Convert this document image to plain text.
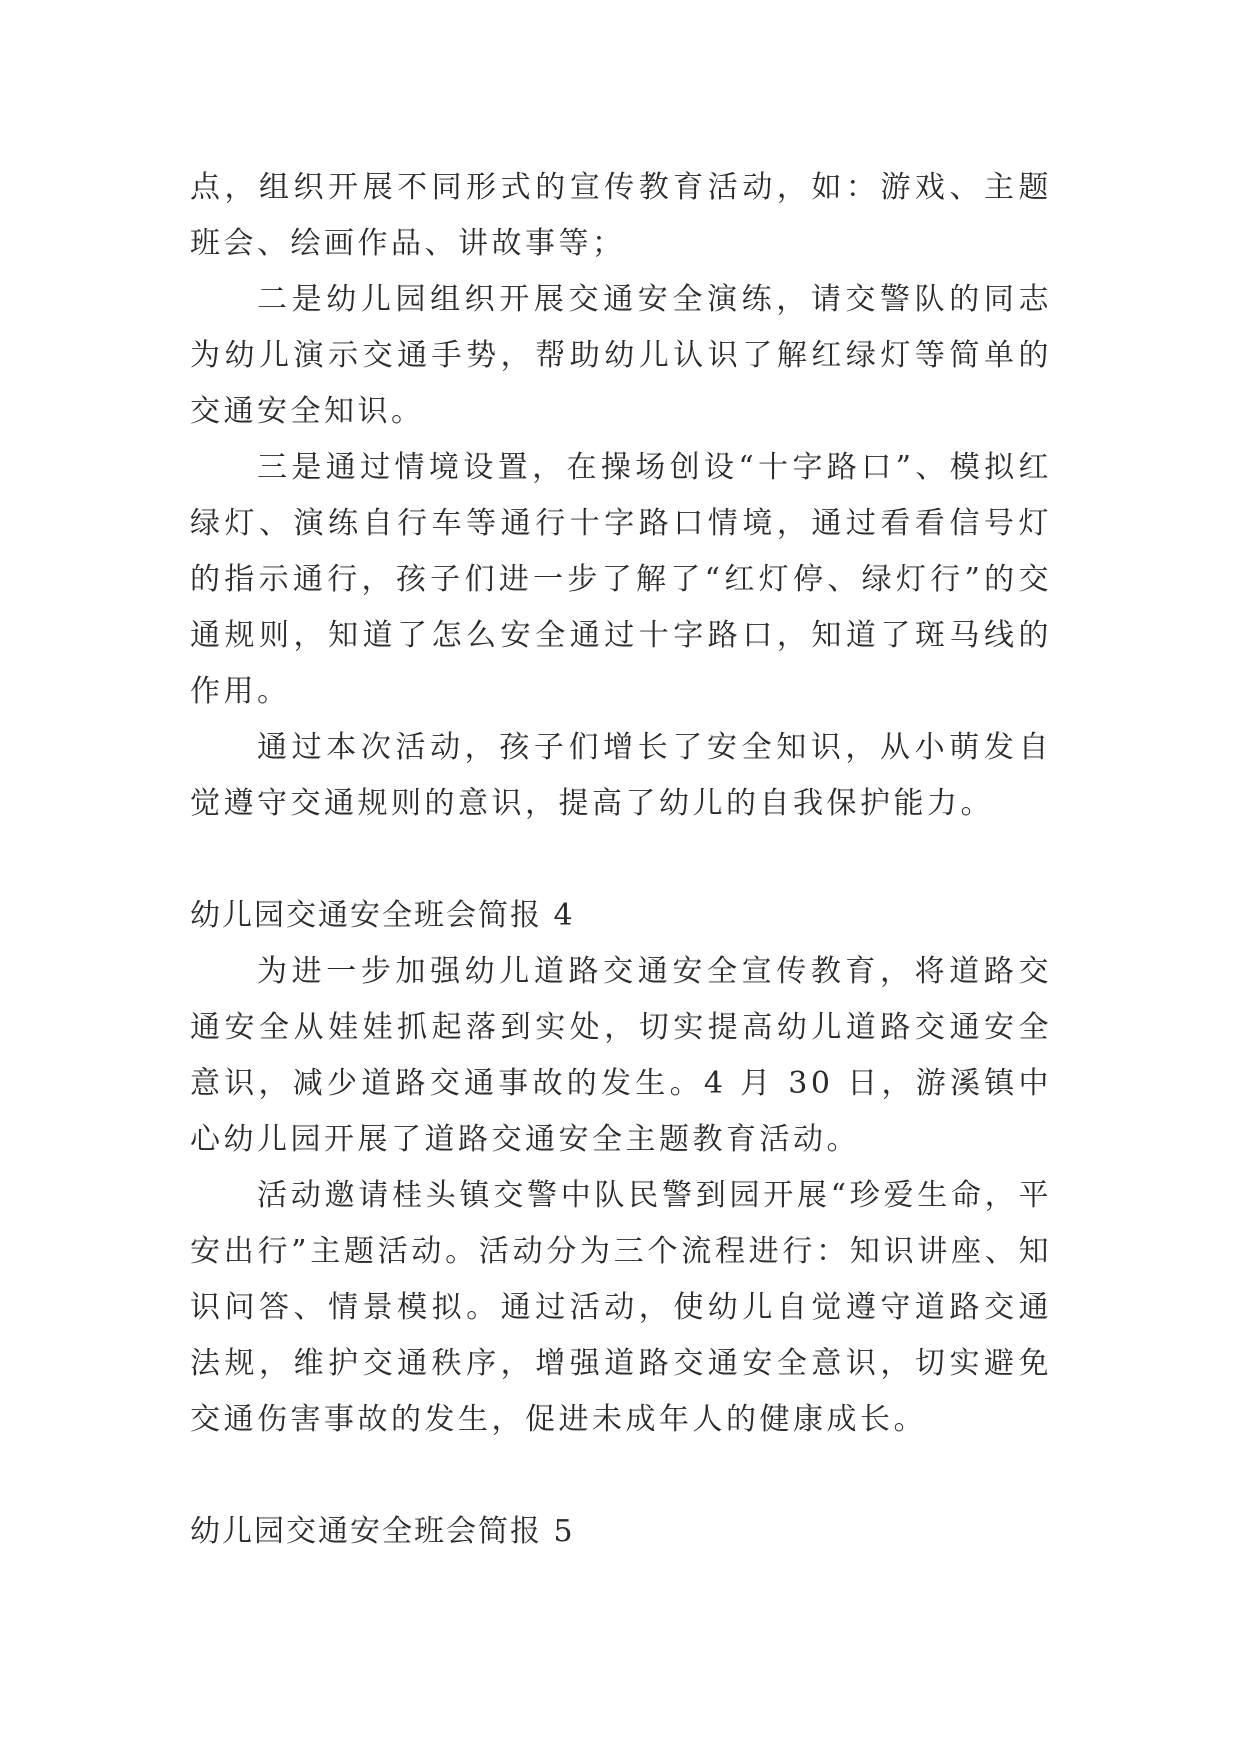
点，组织开展不同形式的宣传教育活动，如：游戏、主题班会、绘画作品、讲故事等；

二是幼儿园组织开展交通安全演练，请交警队的同志为幼儿演示交通手势，帮助幼儿认识了解红绿灯等简单的交通安全知识。

三是通过情境设置，在操场创设“十字路口”、模拟红绿灯、演练自行车等通行十字路口情境，通过看看信号灯的指示通行，孩子们进一步了解了“红灯停、绿灯行”的交通规则，知道了怎么安全通过十字路口，知道了斑马线的作用。

通过本次活动，孩子们增长了安全知识，从小萌发自觉遵守交通规则的意识，提高了幼儿的自我保护能力。

幼儿园交通安全班会简报 4

为进一步加强幼儿道路交通安全宣传教育，将道路交通安全从娃娃抓起落到实处，切实提高幼儿道路交通安全意识，减少道路交通事故的发生。4 月 30 日，游溪镇中心幼儿园开展了道路交通安全主题教育活动。

活动邀请桂头镇交警中队民警到园开展“珍爱生命，平安出行”主题活动。活动分为三个流程进行：知识讲座、知识问答、情景模拟。通过活动，使幼儿自觉遵守道路交通法规，维护交通秩序，增强道路交通安全意识，切实避免交通伤害事故的发生，促进未成年人的健康成长。

幼儿园交通安全班会简报 5
